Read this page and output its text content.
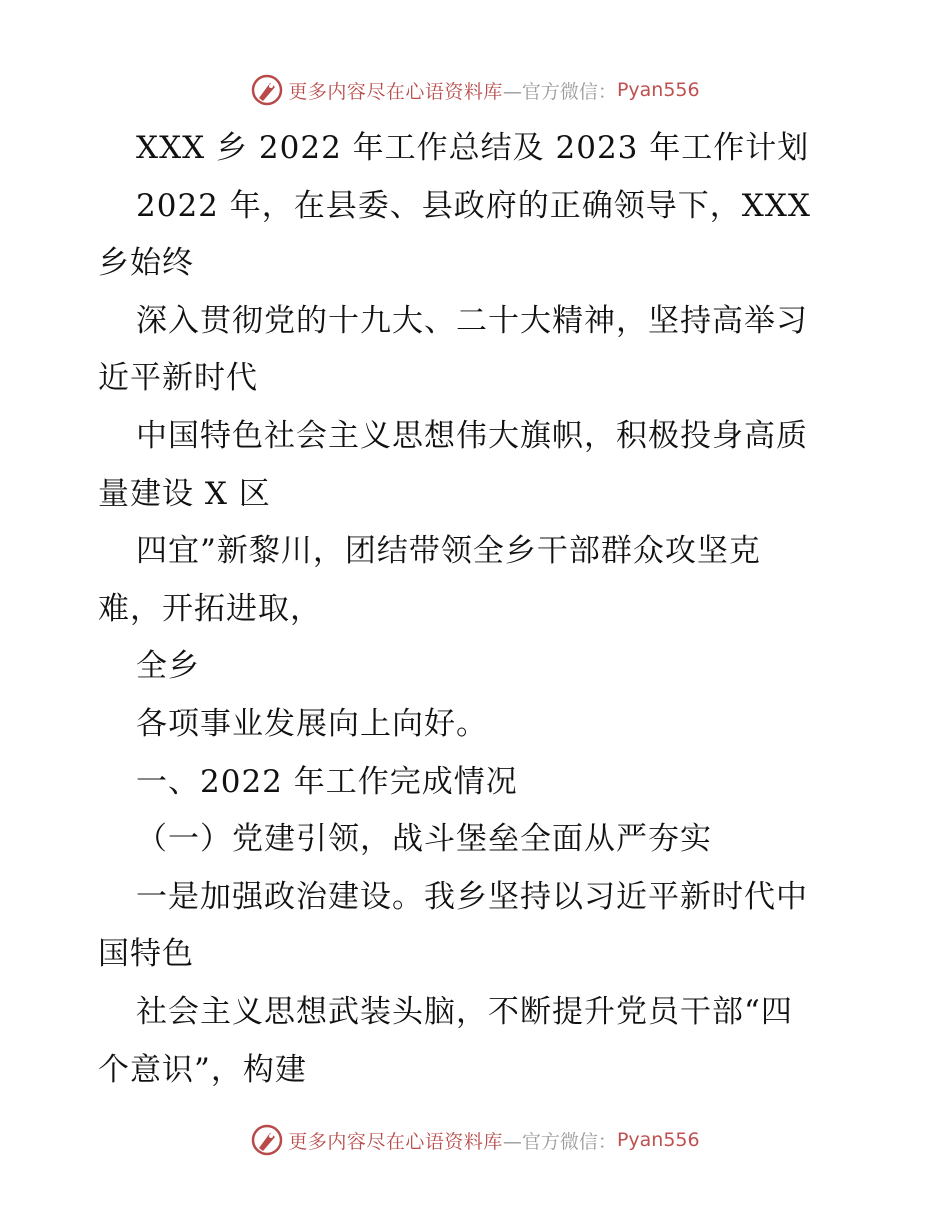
更多内容尽在心语资料库 —官方微信： Pyan556
XXX 乡 2022 年工作总结及 2023 年工作计划
2022 年，在县委、县政府的正确领导下，XXX
乡始终
深入贯彻党的十九大、二十大精神，坚持高举习
近平新时代
中国特色社会主义思想伟大旗帜，积极投身高质
量建设 X 区
四宜”新黎川，团结带领全乡干部群众攻坚克
难，开拓进取，
全乡
各项事业发展向上向好。
一、2022 年工作完成情况
（一）党建引领，战斗堡垒全面从严夯实
一是加强政治建设。我乡坚持以习近平新时代中
国特色
社会主义思想武装头脑，不断提升党员干部“四
个意识”，构建
更多内容尽在心语资料库 —官方微信： Pyan556
